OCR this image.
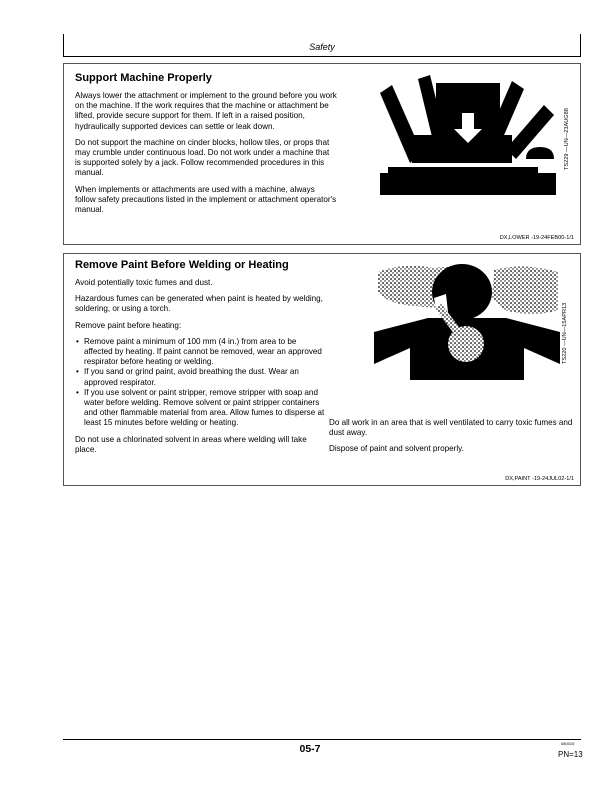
Safety
Support Machine Properly

Always lower the attachment or implement to the ground before you work on the machine. If the work requires that the machine or attachment be lifted, provide secure support for them. If left in a raised position, hydraulically supported devices can settle or leak down.

Do not support the machine on cinder blocks, hollow tiles, or props that may crumble under continuous load. Do not work under a machine that is supported solely by a jack. Follow recommended procedures in this manual.

When implements or attachments are used with a machine, always follow safety precautions listed in the implement or attachment operator's manual.

TS229 —UN—23AUG88
DX,LOWER -19-24FEB00-1/1
Remove Paint Before Welding or Heating

Avoid potentially toxic fumes and dust.

Hazardous fumes can be generated when paint is heated by welding, soldering, or using a torch.

Remove paint before heating:

• Remove paint a minimum of 100 mm (4 in.) from area to be affected by heating. If paint cannot be removed, wear an approved respirator before heating or welding.
• If you sand or grind paint, avoid breathing the dust. Wear an approved respirator.
• If you use solvent or paint stripper, remove stripper with soap and water before welding. Remove solvent or paint stripper containers and other flammable material from area. Allow fumes to disperse at least 15 minutes before welding or heating.

Do not use a chlorinated solvent in areas where welding will take place.

TS220 —UN—15APR13

Do all work in an area that is well ventilated to carry toxic fumes and dust away.

Dispose of paint and solvent properly.

DX,PAINT -19-24JUL02-1/1
05-7	080315
PN=13
